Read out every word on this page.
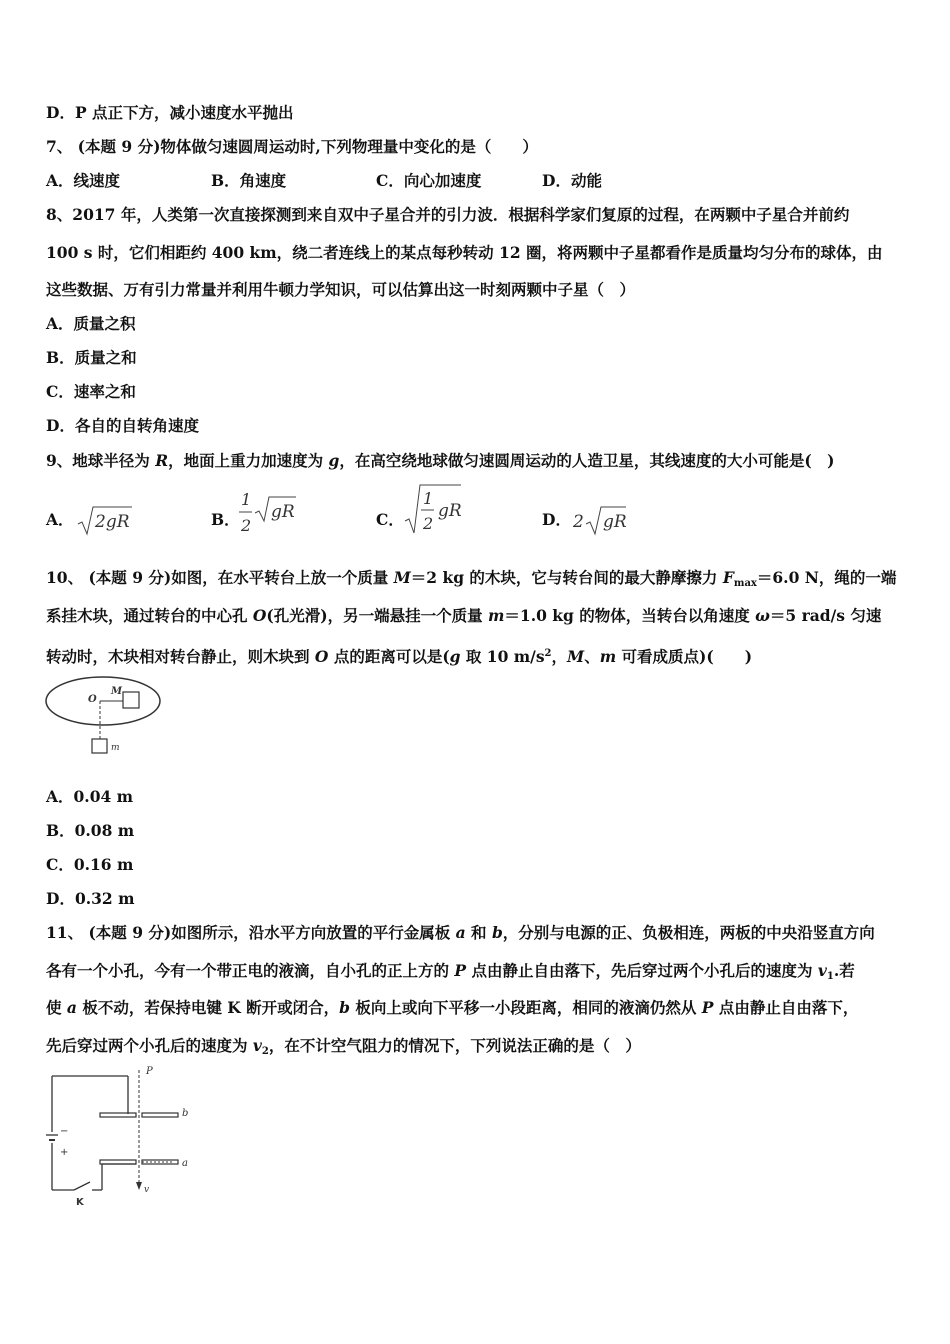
D．P 点正下方，减小速度水平抛出
7、 (本题 9 分)物体做匀速圆周运动时,下列物理量中变化的是（　　）
A．线速度	B．角速度	C．向心加速度	D．动能
8、2017 年，人类第一次直接探测到来自双中子星合并的引力波．根据科学家们复原的过程，在两颗中子星合并前约
100 s 时，它们相距约 400 km，绕二者连线上的某点每秒转动 12 圈，将两颗中子星都看作是质量均匀分布的球体，由
这些数据、万有引力常量并利用牛顿力学知识，可以估算出这一时刻两颗中子星（　）
A．质量之积
B．质量之和
C．速率之和
D．各自的自转角速度
9、地球半径为 R，地面上重力加速度为 g，在高空绕地球做匀速圆周运动的人造卫星，其线速度的大小可能是(　)
A． 2gR	B．
1
2
gR	C．
1
2
gR	D． 2 gR
10、 (本题 9 分)如图，在水平转台上放一个质量 M＝2 kg 的木块，它与转台间的最大静摩擦力 $F_{max}=6.0$ N，绳的一端
系挂木块，通过转台的中心孔 O(孔光滑)，另一端悬挂一个质量 m＝1.0 kg 的物体，当转台以角速度 ω＝5 rad/s 匀速
转动时，木块相对转台静止，则木块到 O 点的距离可以是(g 取 10 $m/s^2$，M、m 可看成质点)(　　)
O
M
m
A．0.04 m
B．0.08 m
C．0.16 m
D．0.32 m
11、 (本题 9 分)如图所示，沿水平方向放置的平行金属板 a 和 b，分别与电源的正、负极相连，两板的中央沿竖直方向
各有一个小孔，今有一个带正电的液滴，自小孔的正上方的 P 点由静止自由落下，先后穿过两个小孔后的速度为 $v_1$.若
使 a 板不动，若保持电键 K 断开或闭合，b 板向上或向下平移一小段距离，相同的液滴仍然从 P 点由静止自由落下，
先后穿过两个小孔后的速度为 $v_2$，在不计空气阻力的情况下，下列说法正确的是（　）
−
+
K
P
b
a
v
